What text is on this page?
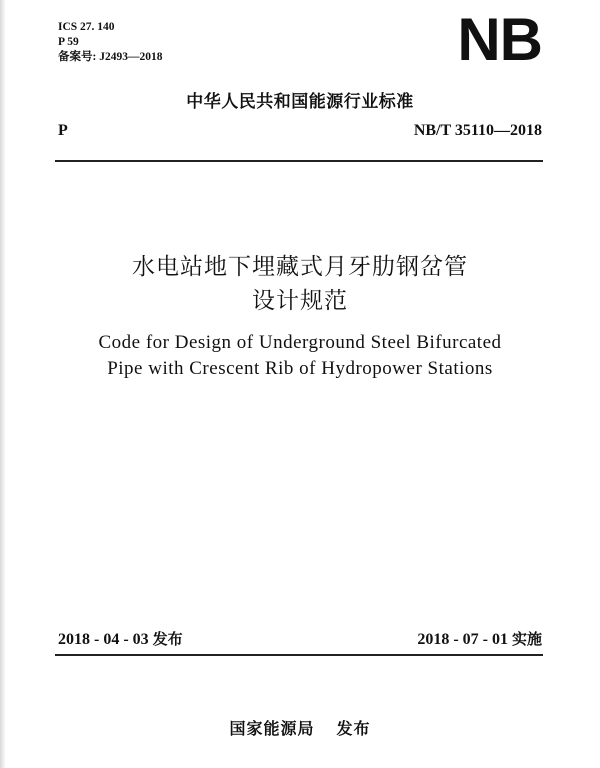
ICS 27. 140
P 59
备案号: J2493—2018	NB
中华人民共和国能源行业标准
P	NB/T 35110—2018
水电站地下埋藏式月牙肋钢岔管
设计规范
Code for Design of Underground Steel Bifurcated
Pipe with Crescent Rib of Hydropower Stations
2018 - 04 - 03 发布	2018 - 07 - 01 实施
国家能源局 发布
